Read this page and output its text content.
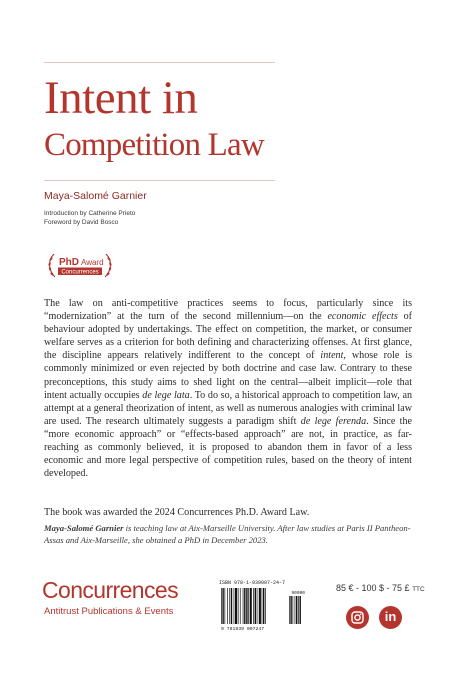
Intent in
Competition Law
Maya-Salomé Garnier
Introduction by Catherine Prieto
Foreword by David Bosco
PhD Award
Concurrences

The law on anti-competitive practices seems to focus, particularly since its “modernization” at the turn of the second millennium—on the economic effects of behaviour adopted by undertakings. The effect on competition, the market, or consumer welfare serves as a criterion for both defining and characterizing offenses. At first glance, the discipline appears relatively indifferent to the concept of intent, whose role is commonly minimized or even rejected by both doctrine and case law. Contrary to these preconceptions, this study aims to shed light on the central—albeit implicit—role that intent actually occupies de lege lata. To do so, a historical approach to competition law, an attempt at a general theorization of intent, as well as numerous analogies with criminal law are used. The research ultimately suggests a paradigm shift de lege ferenda. Since the “more economic approach” or “effects-based approach” are not, in practice, as far-reaching as commonly believed, it is proposed to abandon them in favor of a less economic and more legal perspective of competition rules, based on the theory of intent developed.

The book was awarded the 2024 Concurrences Ph.D. Award Law.

Maya-Salomé Garnier is teaching law at Aix-Marseille University. After law studies at Paris II Pantheon-Assas and Aix-Marseille, she obtained a PhD in December 2023.

Concurrences
Antitrust Publications & Events
ISBN 978-1-939007-24-7
90000
9 781939 007247
85 € - 100 $ - 75 £ TTC
in
